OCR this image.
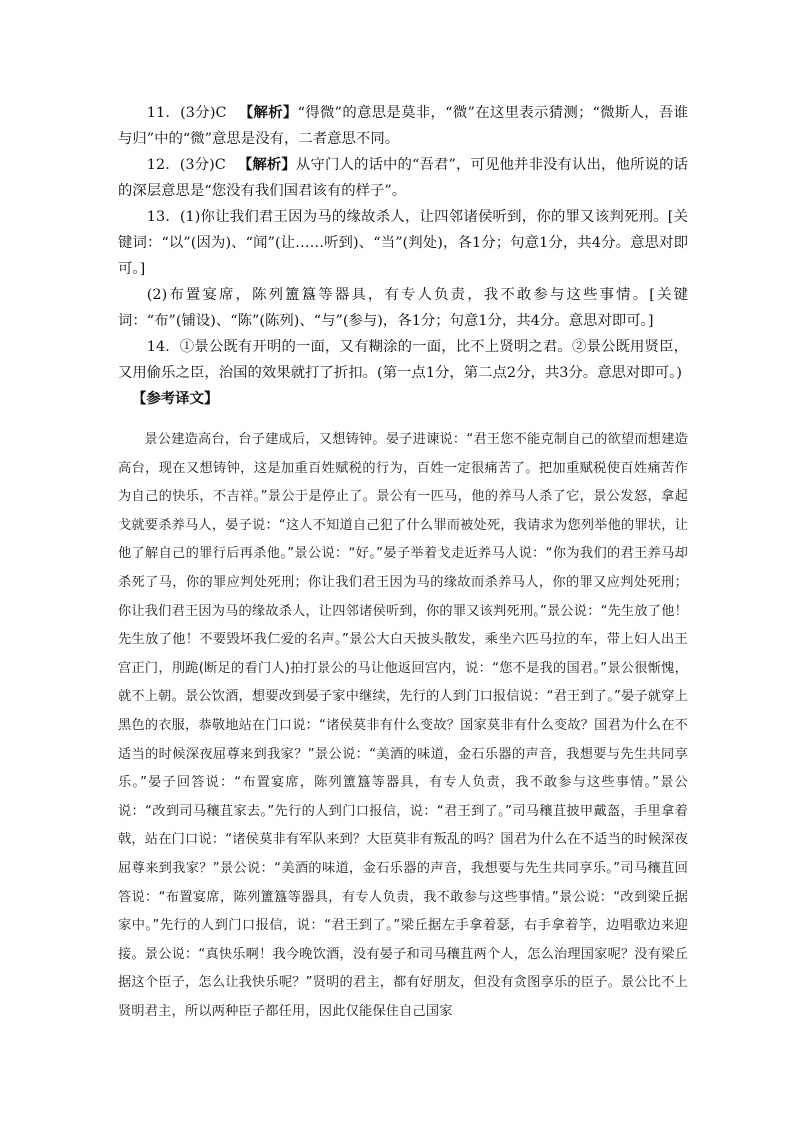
11．(3分)C 【解析】“得微”的意思是莫非，“微”在这里表示猜测；“微斯人，吾谁与归”中的“微”意思是没有，二者意思不同。

12．(3分)C 【解析】从守门人的话中的“吾君”，可见他并非没有认出，他所说的话的深层意思是“您没有我们国君该有的样子”。

13．(1)你让我们君王因为马的缘故杀人，让四邻诸侯听到，你的罪又该判死刑。[关键词：“以”(因为)、“闻”(让……听到)、“当”(判处)，各1分；句意1分，共4分。意思对即可。]

(2)布置宴席，陈列簠簋等器具，有专人负责，我不敢参与这些事情。[关键词：“布”(铺设)、“陈”(陈列)、“与”(参与)，各1分；句意1分，共4分。意思对即可。]

14．①景公既有开明的一面，又有糊涂的一面，比不上贤明之君。②景公既用贤臣，又用偷乐之臣，治国的效果就打了折扣。(第一点1分，第二点2分，共3分。意思对即可。)

【参考译文】

景公建造高台，台子建成后，又想铸钟。晏子进谏说：“君王您不能克制自己的欲望而想建造高台，现在又想铸钟，这是加重百姓赋税的行为，百姓一定很痛苦了。把加重赋税使百姓痛苦作为自己的快乐，不吉祥。”景公于是停止了。景公有一匹马，他的养马人杀了它，景公发怒，拿起戈就要杀养马人，晏子说：“这人不知道自己犯了什么罪而被处死，我请求为您列举他的罪状，让他了解自己的罪行后再杀他。”景公说：“好。”晏子举着戈走近养马人说：“你为我们的君王养马却杀死了马，你的罪应判处死刑；你让我们君王因为马的缘故而杀养马人，你的罪又应判处死刑；你让我们君王因为马的缘故杀人，让四邻诸侯听到，你的罪又该判死刑。”景公说：“先生放了他！先生放了他！不要毁坏我仁爱的名声。”景公大白天披头散发，乘坐六匹马拉的车，带上妇人出王宫正门，刖跪(断足的看门人)拍打景公的马让他返回宫内，说：“您不是我的国君。”景公很惭愧，就不上朝。景公饮酒，想要改到晏子家中继续，先行的人到门口报信说：“君王到了。”晏子就穿上黑色的衣服，恭敬地站在门口说：“诸侯莫非有什么变故？国家莫非有什么变故？国君为什么在不适当的时候深夜屈尊来到我家？”景公说：“美酒的味道，金石乐器的声音，我想要与先生共同享乐。”晏子回答说：“布置宴席，陈列簠簋等器具，有专人负责，我不敢参与这些事情。”景公说：“改到司马穰苴家去。”先行的人到门口报信，说：“君王到了。”司马穰苴披甲戴盔，手里拿着戟，站在门口说：“诸侯莫非有军队来到？大臣莫非有叛乱的吗？国君为什么在不适当的时候深夜屈尊来到我家？”景公说：“美酒的味道，金石乐器的声音，我想要与先生共同享乐。”司马穰苴回答说：“布置宴席，陈列簠簋等器具，有专人负责，我不敢参与这些事情。”景公说：“改到梁丘据家中。”先行的人到门口报信，说：“君王到了。”梁丘据左手拿着瑟，右手拿着竽，边唱歌边来迎接。景公说：“真快乐啊！我今晚饮酒，没有晏子和司马穰苴两个人，怎么治理国家呢？没有梁丘据这个臣子，怎么让我快乐呢？”贤明的君主，都有好朋友，但没有贪图享乐的臣子。景公比不上贤明君主，所以两种臣子都任用，因此仅能保住自己国家
